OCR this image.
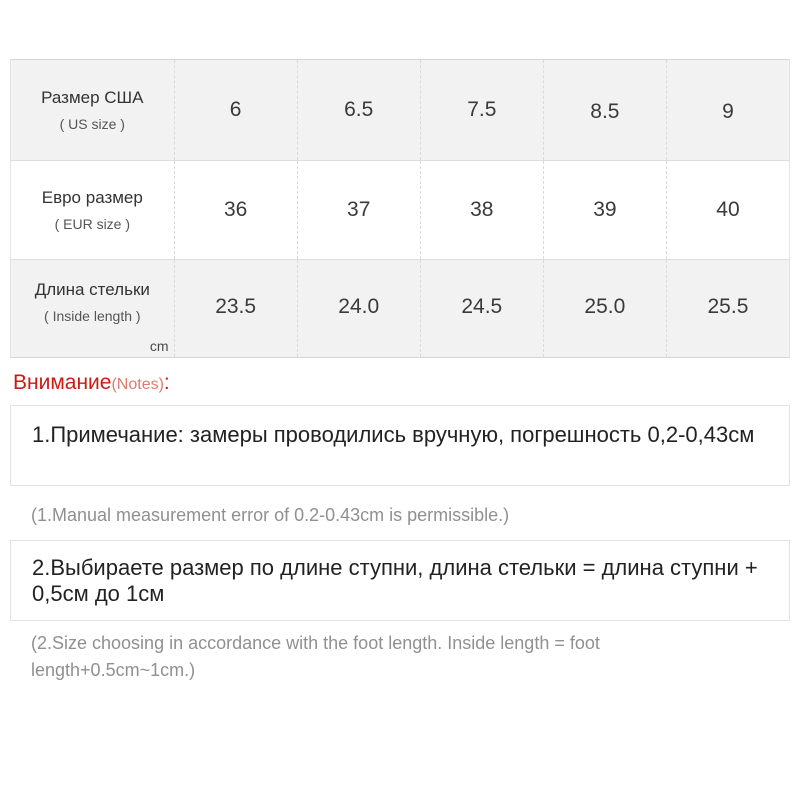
Размер США
( US size )
6	6.5	7.5	8.5	9
Евро размер
( EUR size )
36	37	38	39	40
Длина стельки
( Inside length )
cm
23.5	24.0	24.5	25.0	25.5
Внимание(Notes):
1.Примечание: замеры проводились вручную, погрешность 0,2-0,43см
(1.Manual measurement error of 0.2-0.43cm is permissible.)
2.Выбираете размер по длине ступни, длина стельки = длина ступни + 0,5см до 1см
(2.Size choosing in accordance with the foot length. Inside length = foot length+0.5cm~1cm.)
